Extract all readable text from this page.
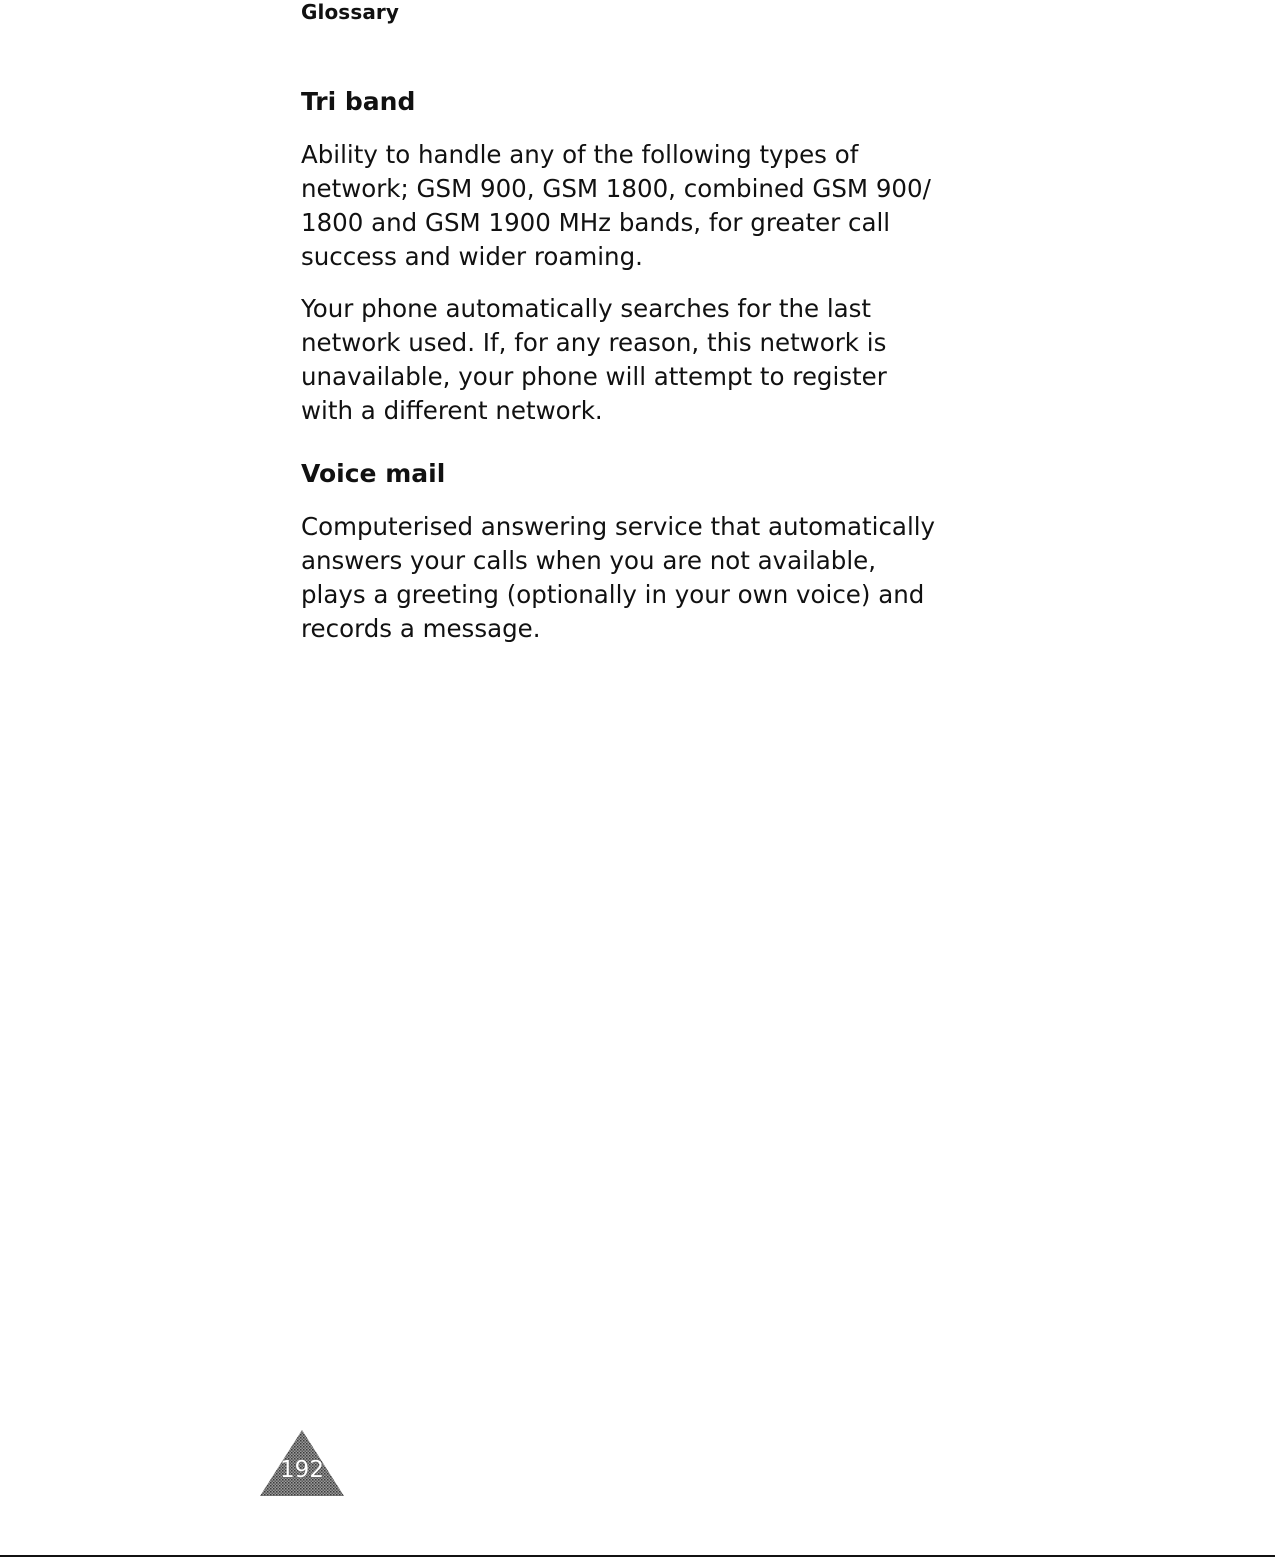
Glossary
Tri band

Ability to handle any of the following types of
network; GSM 900, GSM 1800, combined GSM 900/
1800 and GSM 1900 MHz bands, for greater call
success and wider roaming.

Your phone automatically searches for the last
network used. If, for any reason, this network is
unavailable, your phone will attempt to register
with a different network.

Voice mail

Computerised answering service that automatically
answers your calls when you are not available,
plays a greeting (optionally in your own voice) and
records a message.

192
